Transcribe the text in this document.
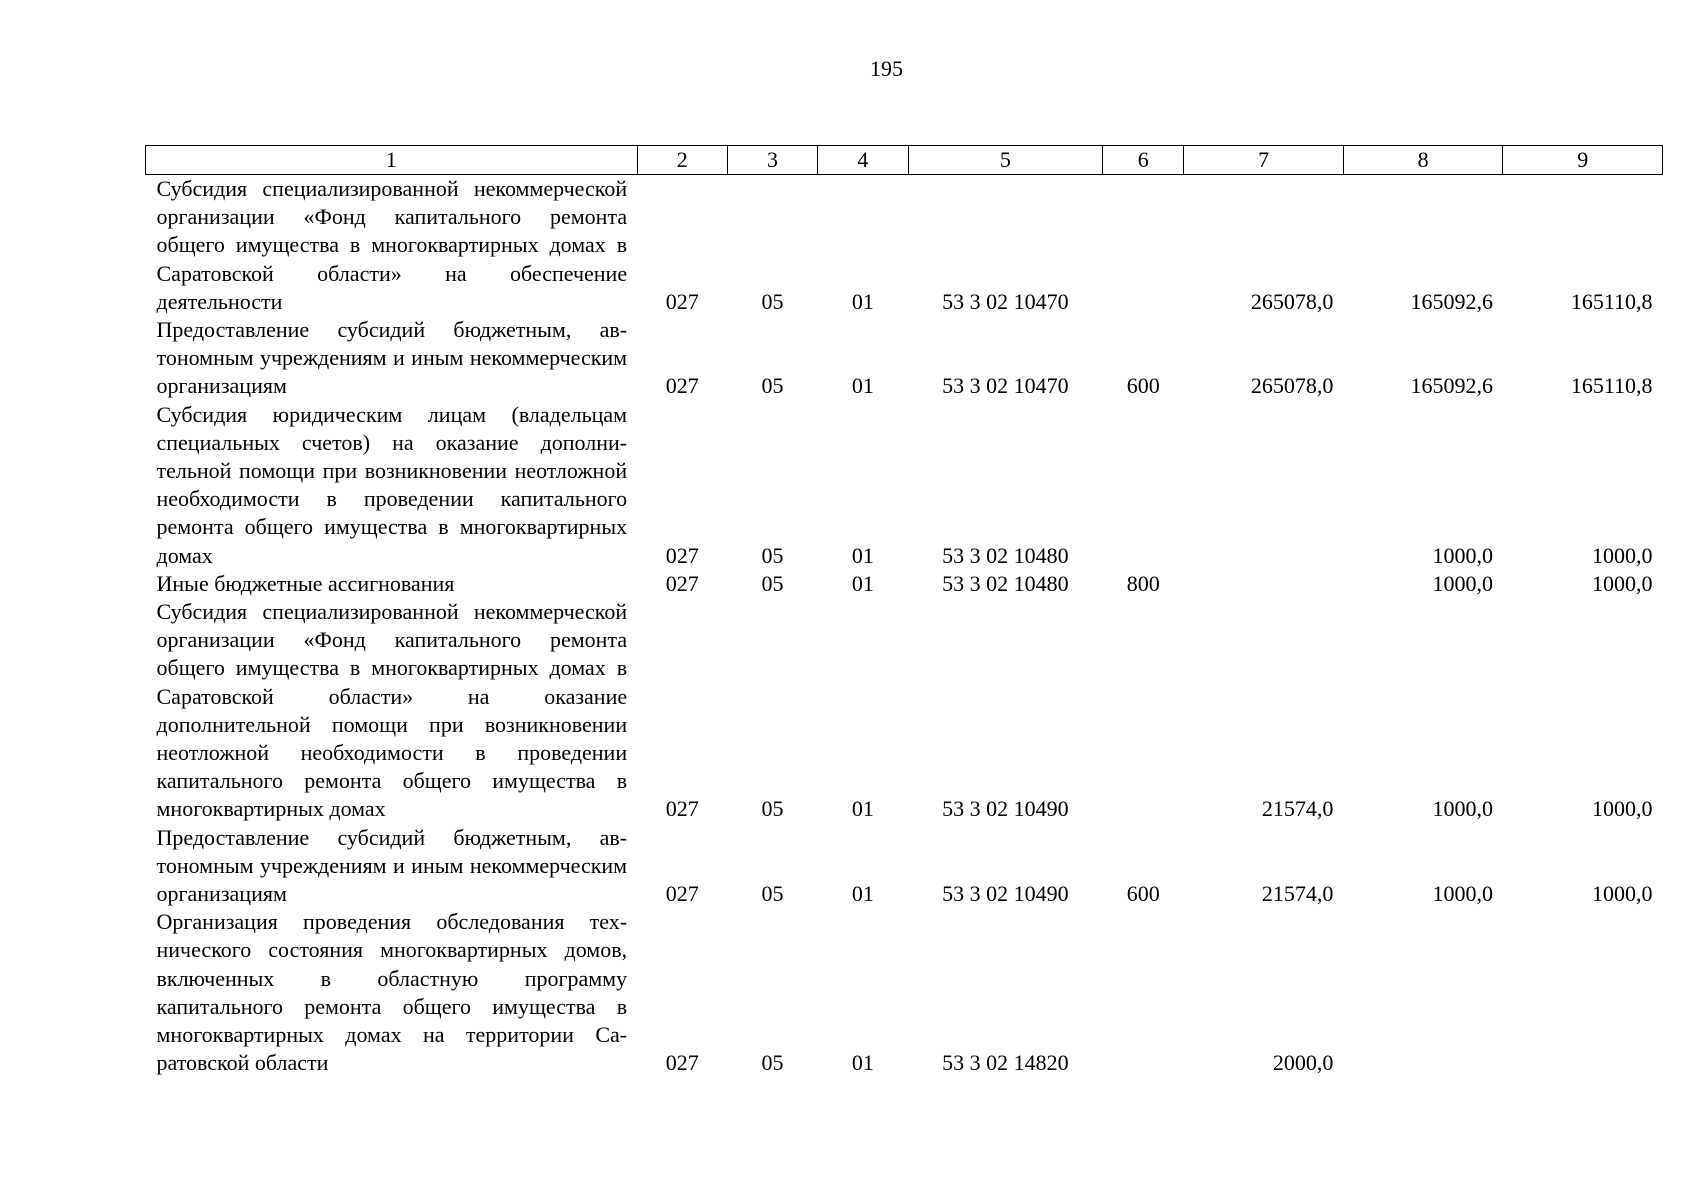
195
1	2	3	4	5	6	7	8	9
Субсидия специализированной некоммерческой организации «Фонд капитального ремонта общего имущества в многоквартирных домах в Саратовской области» на обеспечение деятельности	027	05	01	53 3 02 10470		265078,0	165092,6	165110,8
Предоставление субсидий бюджетным, автономным учреждениям и иным некоммерческим организациям	027	05	01	53 3 02 10470	600	265078,0	165092,6	165110,8
Субсидия юридическим лицам (владельцам специальных счетов) на оказание дополнительной помощи при возникновении неотложной необходимости в проведении капитального ремонта общего имущества в многоквартирных домах	027	05	01	53 3 02 10480			1000,0	1000,0
Иные бюджетные ассигнования	027	05	01	53 3 02 10480	800		1000,0	1000,0
Субсидия специализированной некоммерческой организации «Фонд капитального ремонта общего имущества в многоквартирных домах в Саратовской области» на оказание дополнительной помощи при возникновении неотложной необходимости в проведении капитального ремонта общего имущества в многоквартирных домах	027	05	01	53 3 02 10490		21574,0	1000,0	1000,0
Предоставление субсидий бюджетным, автономным учреждениям и иным некоммерческим организациям	027	05	01	53 3 02 10490	600	21574,0	1000,0	1000,0
Организация проведения обследования технического состояния многоквартирных домов, включенных в областную программу капитального ремонта общего имущества в многоквартирных домах на территории Саратовской области	027	05	01	53 3 02 14820		2000,0		
